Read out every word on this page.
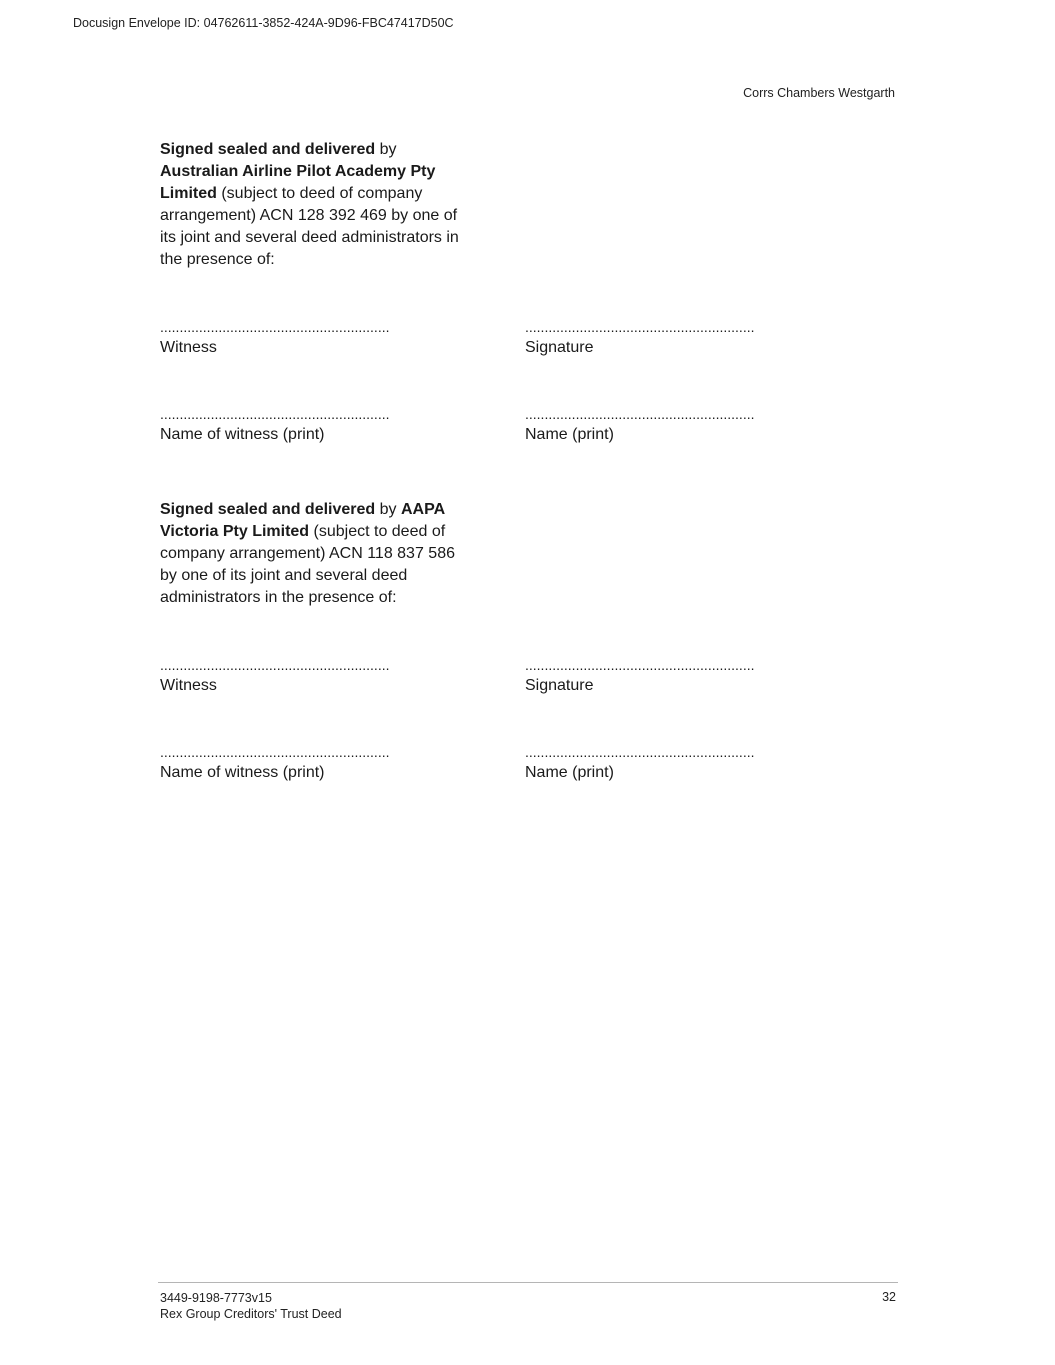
Docusign Envelope ID: 04762611-3852-424A-9D96-FBC47417D50C
Corrs Chambers Westgarth
Signed sealed and delivered by Australian Airline Pilot Academy Pty Limited (subject to deed of company arrangement) ACN 128 392 469 by one of its joint and several deed administrators in the presence of:
...........................................................
Witness
...........................................................
Signature
...........................................................
Name of witness (print)
...........................................................
Name (print)
Signed sealed and delivered by AAPA Victoria Pty Limited (subject to deed of company arrangement) ACN 118 837 586 by one of its joint and several deed administrators in the presence of:
...........................................................
Witness
...........................................................
Signature
...........................................................
Name of witness (print)
...........................................................
Name (print)
3449-9198-7773v15
Rex Group Creditors' Trust Deed
32
